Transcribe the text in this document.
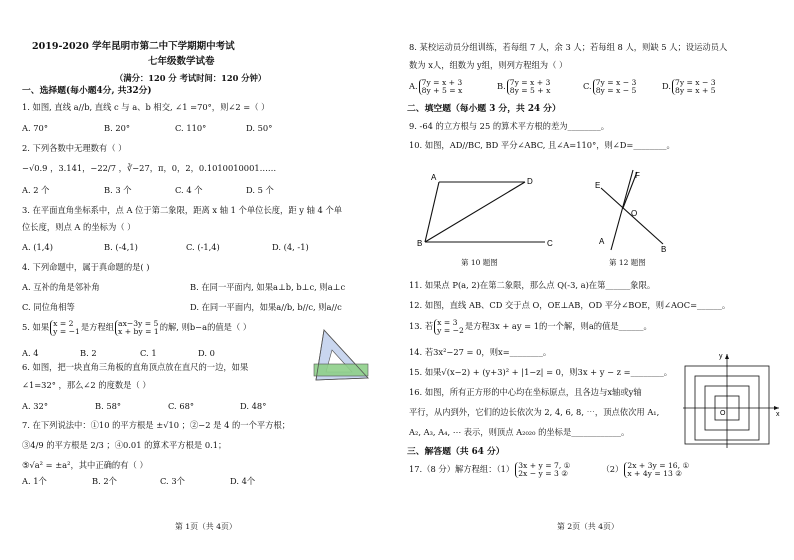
2019-2020 学年昆明市第二中下学期期中考试
七年级数学试卷
（满分：120 分 考试时间：120 分钟）
一、选择题(每小题4分, 共32分)
1. 如图, 直线 a//b, 直线 c 与 a、b 相交, ∠1 =70°，则∠2 =（ ）
A. 70°	B. 20°	C. 110°	D. 50°
2. 下列各数中无理数有（ ）
−√0.9 ，3.141，−22/7 ，∛−27，π，0，2，0.1010010001……
A. 2 个	B. 3 个	C. 4 个	D. 5 个
3. 在平面直角坐标系中，点 A 位于第二象限，距离 x 轴 1 个单位长度，距 y 轴 4 个单
位长度，则点 A 的坐标为（ ）
A. (1,4)	B. (-4,1)	C. (-1,4)	D. (4, -1)
4. 下列命题中，属于真命题的是( )
A. 互补的角是邻补角	B. 在同一平面内, 如果a⊥b, b⊥c, 则a⊥c
C. 同位角相等	D. 在同一平面内，如果a//b, b//c, 则a//c
5. 如果 x = 2
y = −1 是方程组 ax−3y = 5
x + by = 1 的解, 则b−a的值是（ ）
A. 4	B. 2	C. 1	D. 0
6. 如图，把一块直角三角板的直角顶点放在直尺的一边，如果
∠1=32° ，那么∠2 的度数是（ ）
A. 32°	B. 58°	C. 68°	D. 48°
7. 在下列说法中：①10 的平方根是 ±√10 ；②−2 是 4 的一个平方根；
③4/9 的平方根是 2/3 ；④0.01 的算术平方根是 0.1；
⑤√a² = ±a²，其中正确的有（ ）
A. 1个	B. 2个	C. 3个	D. 4个
第 1页（共 4页）
8. 某校运动员分组训练，若每组 7 人，余 3 人；若每组 8 人，则缺 5 人；设运动员人
数为 x人，组数为 y组，则列方程组为（ ）
A. 7y = x + 3
8y + 5 = x	B. 7y = x + 3
8y = 5 + x	C. 7y = x − 3
8y = x − 5	D. 7y = x − 3
8y = x + 5
二、填空题（每小题 3 分，共 24 分）
9. -64 的立方根与 25 的算术平方根的差为________。
10. 如图，AD//BC, BD 平分∠ABC, 且∠A=110°，则∠D=________。
A	D
B	C
第 10 题图
E
F
O
A
B
第 12 题图
11. 如果点 P(a, 2)在第二象限，那么点 Q(-3, a)在第______象限。
12. 如图，直线 AB、CD 交于点 O，OE⊥AB，OD 平分∠BOE，则∠AOC=______。
13. 若 x = 3
y = −2 是方程3x + ay = 1的一个解，则a的值是______。
14. 若3x²−27 = 0，则x=________。
15. 如果√(x−2) + (y+3)² + |1−z| = 0，则3x + y − z =________。
16. 如图，所有正方形的中心均在坐标原点，且各边与x轴或y轴
平行，从内到外，它们的边长依次为 2, 4, 6, 8, ⋯，顶点依次用 A₁,
A₂, A₃, A₄, ⋯ 表示，则顶点 A₂₀₂₀ 的坐标是____________。
x
y
O
三、解答题（共 64 分）
17.（8 分）解方程组：（1） 3x + y = 7, ①
2x − y = 3 ②	（2） 2x + 3y = 16, ①
x + 4y = 13 ②
第 2页（共 4页）
